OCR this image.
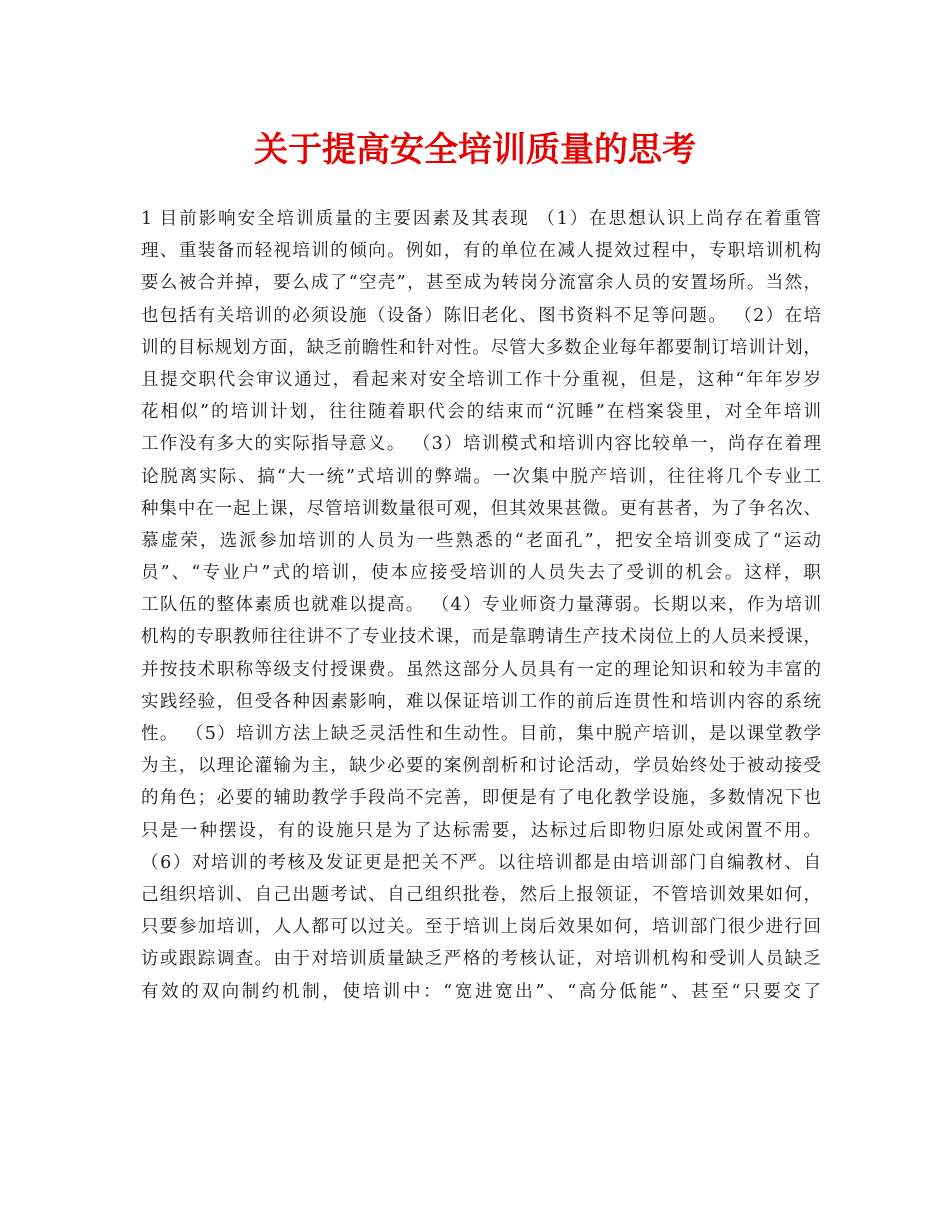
关于提高安全培训质量的思考
1 目前影响安全培训质量的主要因素及其表现 （1）在思想认识上尚存在着重管
理、重装备而轻视培训的倾向。例如，有的单位在减人提效过程中，专职培训机构
要么被合并掉，要么成了“空壳”，甚至成为转岗分流富余人员的安置场所。当然，
也包括有关培训的必须设施（设备）陈旧老化、图书资料不足等问题。 （2）在培
训的目标规划方面，缺乏前瞻性和针对性。尽管大多数企业每年都要制订培训计划，
且提交职代会审议通过，看起来对安全培训工作十分重视，但是，这种“年年岁岁
花相似”的培训计划，往往随着职代会的结束而“沉睡”在档案袋里，对全年培训
工作没有多大的实际指导意义。 （3）培训模式和培训内容比较单一，尚存在着理
论脱离实际、搞“大一统”式培训的弊端。一次集中脱产培训，往往将几个专业工
种集中在一起上课，尽管培训数量很可观，但其效果甚微。更有甚者，为了争名次、
慕虚荣，选派参加培训的人员为一些熟悉的“老面孔”，把安全培训变成了“运动
员”、“专业户”式的培训，使本应接受培训的人员失去了受训的机会。这样，职
工队伍的整体素质也就难以提高。 （4）专业师资力量薄弱。长期以来，作为培训
机构的专职教师往往讲不了专业技术课，而是靠聘请生产技术岗位上的人员来授课，
并按技术职称等级支付授课费。虽然这部分人员具有一定的理论知识和较为丰富的
实践经验，但受各种因素影响，难以保证培训工作的前后连贯性和培训内容的系统
性。 （5）培训方法上缺乏灵活性和生动性。目前，集中脱产培训，是以课堂教学
为主，以理论灌输为主，缺少必要的案例剖析和讨论活动，学员始终处于被动接受
的角色；必要的辅助教学手段尚不完善，即便是有了电化教学设施，多数情况下也
只是一种摆设，有的设施只是为了达标需要，达标过后即物归原处或闲置不用。
（6）对培训的考核及发证更是把关不严。以往培训都是由培训部门自编教材、自
己组织培训、自己出题考试、自己组织批卷，然后上报领证，不管培训效果如何，
只要参加培训，人人都可以过关。至于培训上岗后效果如何，培训部门很少进行回
访或跟踪调查。由于对培训质量缺乏严格的考核认证，对培训机构和受训人员缺乏
有效的双向制约机制，使培训中：“宽进宽出”、“高分低能”、甚至“只要交了
